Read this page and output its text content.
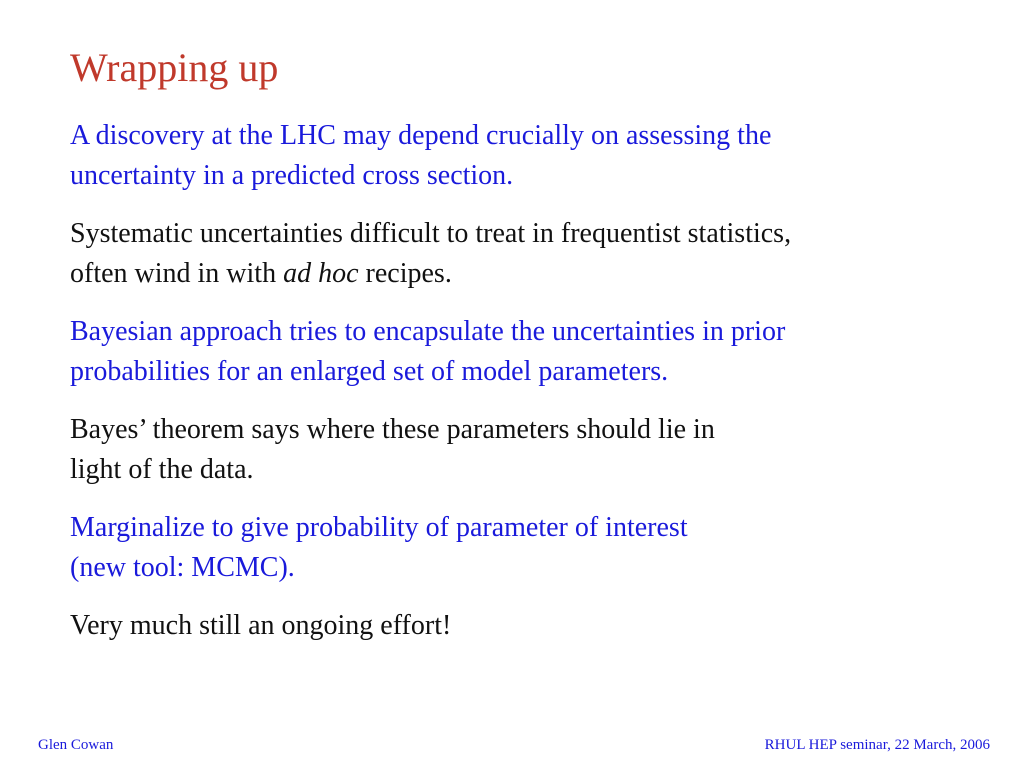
Wrapping up

A discovery at the LHC may depend crucially on assessing the
uncertainty in a predicted cross section.

Systematic uncertainties difficult to treat in frequentist statistics,
often wind in with ad hoc recipes.

Bayesian approach tries to encapsulate the uncertainties in prior
probabilities for an enlarged set of model parameters.

Bayes’ theorem says where these parameters should lie in
light of the data.

Marginalize to give probability of parameter of interest
(new tool: MCMC).

Very much still an ongoing effort!

Glen Cowan	RHUL HEP seminar, 22 March, 2006
